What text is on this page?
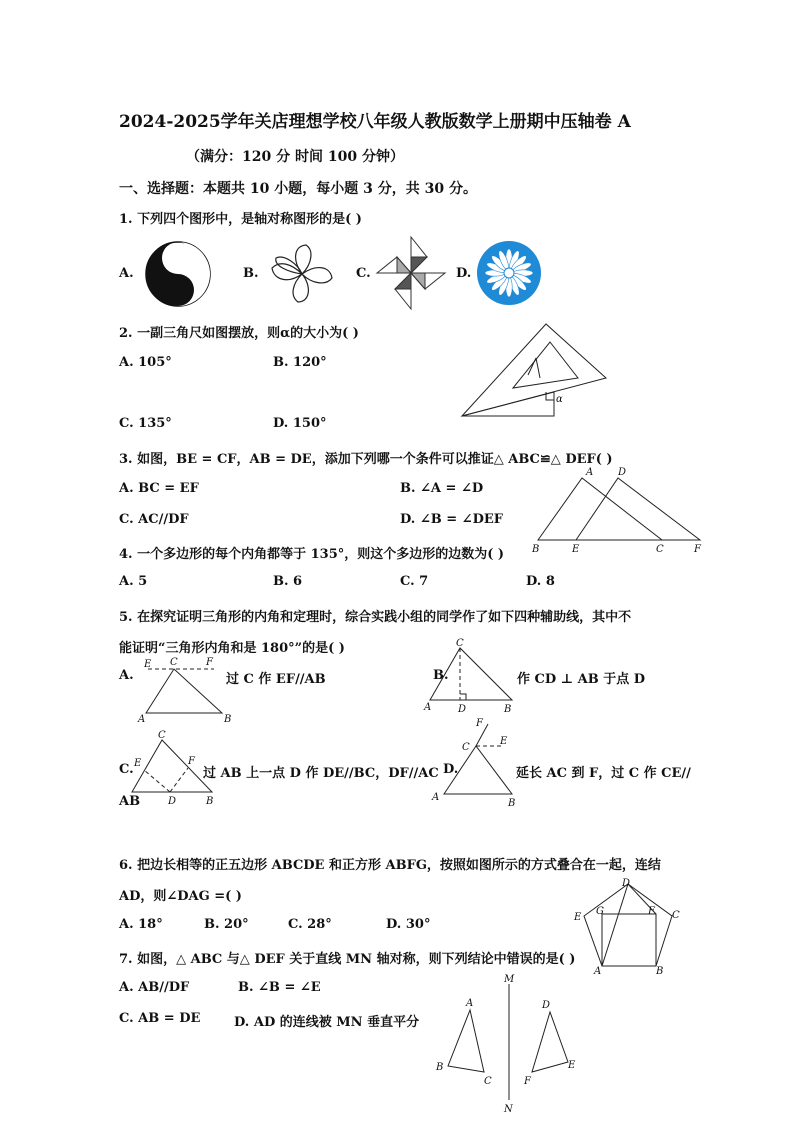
2024-2025学年关店理想学校八年级人教版数学上册期中压轴卷 A
（满分：120 分 时间 100 分钟）
一、选择题：本题共 10 小题，每小题 3 分，共 30 分。
1. 下列四个图形中，是轴对称图形的是( )
A.	B.	C.	D.
2. 一副三角尺如图摆放，则α的大小为( )
A. 105°	B. 120°
C. 135°	D. 150°
α
3. 如图，BE = CF，AB = DE，添加下列哪一个条件可以推证△ ABC≌△ DEF( )
A. BC = EF	B. ∠A = ∠D
C. AC//DF	D. ∠B = ∠DEF
A D
B	E	C	F
4. 一个多边形的每个内角都等于 135°，则这个多边形的边数为( )
A. 5	B. 6	C. 7	D. 8
5. 在探究证明三角形的内角和定理时，综合实践小组的同学作了如下四种辅助线，其中不
能证明“三角形内角和是 180°”的是( )
A.
E C	F
A	B
过 C 作 EF//AB	B.
C
A	D	B
作 CD ⊥ AB 于点 D
C.
C
E	F
D	B
过 AB 上一点 D 作 DE//BC，DF//AC
AB
D.
F
C
E
A
B
延长 AC 到 F，过 C 作 CE//
6. 把边长相等的正五边形 ABCDE 和正方形 ABFG，按照如图所示的方式叠合在一起，连结
AD，则∠DAG =( )
A. 18°	B. 20°	C. 28°	D. 30°
D
E
G	F C
A	B
7. 如图，△ ABC 与△ DEF 关于直线 MN 轴对称，则下列结论中错误的是( )
A. AB//DF	B. ∠B = ∠E
C. AB = DE	D. AD 的连线被 MN 垂直平分
M
N
A
B
C
D
E
F
